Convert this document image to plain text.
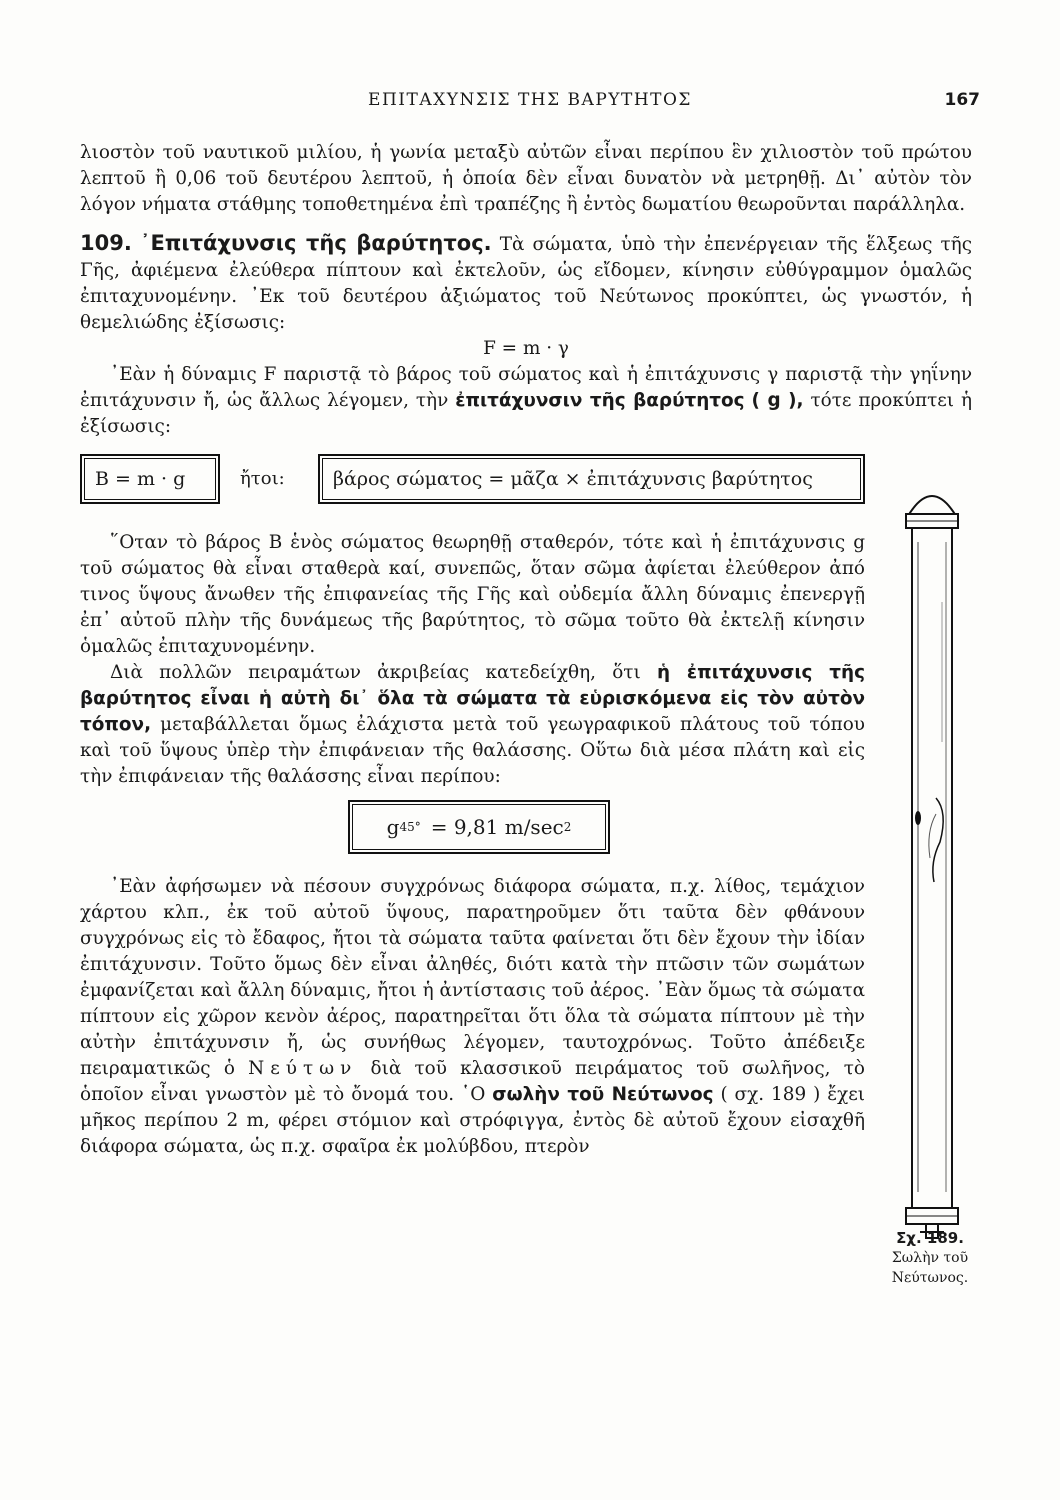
ΕΠΙΤΑΧΥΝΣΙΣ ΤΗΣ ΒΑΡΥΤΗΤΟΣ	167

λιοστὸν τοῦ ναυτικοῦ μιλίου, ἡ γωνία μεταξὺ αὐτῶν εἶναι περίπου ἓν χιλιοστὸν τοῦ πρώτου λεπτοῦ ἢ 0,06 τοῦ δευτέρου λεπτοῦ, ἡ ὁποία δὲν εἶναι δυνατὸν νὰ μετρηθῇ. Δι᾽ αὐτὸν τὸν λόγον νήματα στάθμης τοποθετημένα ἐπὶ τραπέζης ἢ ἐντὸς δωματίου θεωροῦνται παράλληλα.

109. ᾿Επιτάχυνσις τῆς βαρύτητος. Τὰ σώματα, ὑπὸ τὴν ἐπενέργειαν τῆς ἕλξεως τῆς Γῆς, ἀφιέμενα ἐλεύθερα πίπτουν καὶ ἐκτελοῦν, ὡς εἴδομεν, κίνησιν εὐθύγραμμον ὁμαλῶς ἐπιταχυνομένην. ᾿Εκ τοῦ δευτέρου ἀξιώματος τοῦ Νεύτωνος προκύπτει, ὡς γνωστόν, ἡ θεμελιώδης ἐξίσωσις:

F = m · γ

᾿Εὰν ἡ δύναμις F παριστᾷ τὸ βάρος τοῦ σώματος καὶ ἡ ἐπιτάχυνσις γ παριστᾷ τὴν γηΐνην ἐπιτάχυνσιν ἤ, ὡς ἄλλως λέγομεν, τὴν ἐπιτάχυνσιν τῆς βαρύτητος ( g ), τότε προκύπτει ἡ ἐξίσωσις:

B = m · g	ἤτοι:	βάρος σώματος = μᾶζα × ἐπιτάχυνσις βαρύτητος

῞Οταν τὸ βάρος Β ἑνὸς σώματος θεωρηθῇ σταθερόν, τότε καὶ ἡ ἐπιτάχυνσις g τοῦ σώματος θὰ εἶναι σταθερὰ καί, συνεπῶς, ὅταν σῶμα ἀφίεται ἐλεύθερον ἀπό τινος ὕψους ἄνωθεν τῆς ἐπιφανείας τῆς Γῆς καὶ οὐδεμία ἄλλη δύναμις ἐπενεργῇ ἐπ᾽ αὐτοῦ πλὴν τῆς δυνάμεως τῆς βαρύτητος, τὸ σῶμα τοῦτο θὰ ἐκτελῇ κίνησιν ὁμαλῶς ἐπιταχυνομένην.

Διὰ πολλῶν πειραμάτων ἀκριβείας κατεδείχθη, ὅτι ἡ ἐπιτάχυνσις τῆς βαρύτητος εἶναι ἡ αὐτὴ δι᾽ ὅλα τὰ σώματα τὰ εὑρισκόμενα εἰς τὸν αὐτὸν τόπον, μεταβάλλεται ὅμως ἐλάχιστα μετὰ τοῦ γεωγραφικοῦ πλάτους τοῦ τόπου καὶ τοῦ ὕψους ὑπὲρ τὴν ἐπιφάνειαν τῆς θαλάσσης. Οὕτω διὰ μέσα πλάτη καὶ εἰς τὴν ἐπιφάνειαν τῆς θαλάσσης εἶναι περίπου:

g 45° = 9,81 m/sec 2

᾿Εὰν ἀφήσωμεν νὰ πέσουν συγχρόνως διάφορα σώματα, π.χ. λίθος, τεμάχιον χάρτου κλπ., ἐκ τοῦ αὐτοῦ ὕψους, παρατηροῦμεν ὅτι ταῦτα δὲν φθάνουν συγχρόνως εἰς τὸ ἔδαφος, ἤτοι τὰ σώματα ταῦτα φαίνεται ὅτι δὲν ἔχουν τὴν ἰδίαν ἐπιτάχυνσιν. Τοῦτο ὅμως δὲν εἶναι ἀληθές, διότι κατὰ τὴν πτῶσιν τῶν σωμάτων ἐμφανίζεται καὶ ἄλλη δύναμις, ἤτοι ἡ ἀντίστασις τοῦ ἀέρος. ᾿Εὰν ὅμως τὰ σώματα πίπτουν εἰς χῶρον κενὸν ἀέρος, παρατηρεῖται ὅτι ὅλα τὰ σώματα πίπτουν μὲ τὴν αὐτὴν ἐπιτάχυνσιν ἤ, ὡς συνήθως λέγομεν, ταυτοχρόνως. Τοῦτο ἀπέδειξε πειραματικῶς ὁ Νεύτων διὰ τοῦ κλασσικοῦ πειράματος τοῦ σωλῆνος, τὸ ὁποῖον εἶναι γνωστὸν μὲ τὸ ὄνομά του. ῾Ο σωλὴν τοῦ Νεύτωνος ( σχ. 189 ) ἔχει μῆκος περίπου 2 m, φέρει στόμιον καὶ στρόφιγγα, ἐντὸς δὲ αὐτοῦ ἔχουν εἰσαχθῆ διάφορα σώματα, ὡς π.χ. σφαῖρα ἐκ μολύβδου, πτερὸν

Σχ. 189.
Σωλὴν τοῦ
Νεύτωνος.
